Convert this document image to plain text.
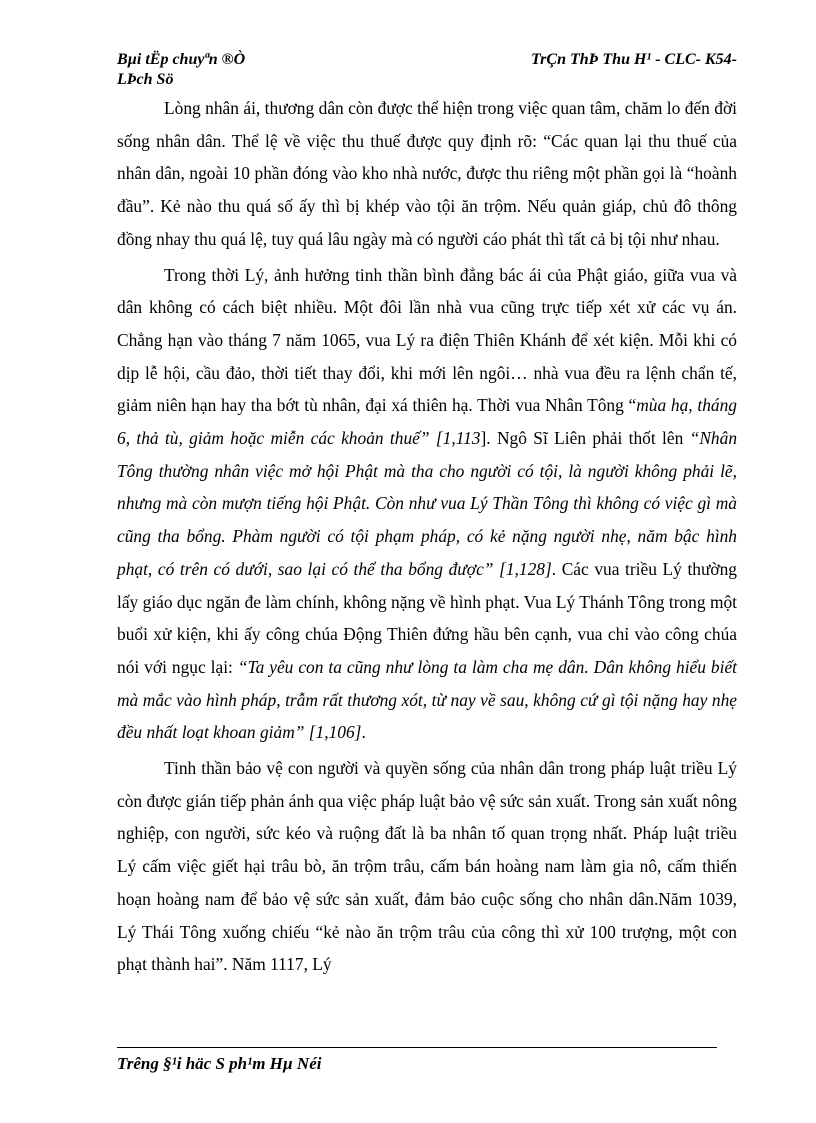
Bµi tËp chuyªn ®Ò
LÞch Sö
TrÇn ThÞ Thu H¹ - CLC- K54-

Lòng nhân ái, thương dân còn được thể hiện trong việc quan tâm, chăm lo đến đời sống nhân dân. Thể lệ về việc thu thuế được quy định rõ: “Các quan lại thu thuế của nhân dân, ngoài 10 phần đóng vào kho nhà nước, được thu riêng một phần gọi là “hoành đầu”. Kẻ nào thu quá số ấy thì bị khép vào tội ăn trộm. Nếu quản giáp, chủ đô thông đồng nhay thu quá lệ, tuy quá lâu ngày mà có người cáo phát thì tất cả bị tội như nhau.

Trong thời Lý, ảnh hưởng tinh thần bình đẳng bác ái của Phật giáo, giữa vua và dân không có cách biệt nhiều. Một đôi lần nhà vua cũng trực tiếp xét xử các vụ án. Chẳng hạn vào tháng 7 năm 1065, vua Lý ra điện Thiên Khánh để xét kiện. Mỗi khi có dịp lễ hội, cầu đảo, thời tiết thay đổi, khi mới lên ngôi… nhà vua đều ra lệnh chẩn tế, giảm niên hạn hay tha bớt tù nhân, đại xá thiên hạ. Thời vua Nhân Tông “mùa hạ, tháng 6, thả tù, giảm hoặc miễn các khoản thuế” [1,113]. Ngô Sĩ Liên phải thốt lên “Nhân Tông thường nhân việc mở hội Phật mà tha cho người có tội, là người không phải lẽ, nhưng mà còn mượn tiếng hội Phật. Còn như vua Lý Thần Tông thì không có việc gì mà cũng tha bổng. Phàm người có tội phạm pháp, có kẻ nặng người nhẹ, năm bậc hình phạt, có trên có dưới, sao lại có thể tha bổng được” [1,128]. Các vua triều Lý thường lấy giáo dục ngăn đe làm chính, không nặng về hình phạt. Vua Lý Thánh Tông trong một buổi xử kiện, khi ấy công chúa Động Thiên đứng hầu bên cạnh, vua chỉ vào công chúa nói với ngục lại: “Ta yêu con ta cũng như lòng ta làm cha mẹ dân. Dân không hiểu biết mà mắc vào hình pháp, trẫm rất thương xót, từ nay về sau, không cứ gì tội nặng hay nhẹ đều nhất loạt khoan giảm” [1,106].

Tinh thần bảo vệ con người và quyền sống của nhân dân trong pháp luật triều Lý còn được gián tiếp phản ánh qua việc pháp luật bảo vệ sức sản xuất. Trong sản xuất nông nghiệp, con người, sức kéo và ruộng đất là ba nhân tố quan trọng nhất. Pháp luật triều Lý cấm việc giết hại trâu bò, ăn trộm trâu, cấm bán hoàng nam làm gia nô, cấm thiến hoạn hoàng nam để bảo vệ sức sản xuất, đảm bảo cuộc sống cho nhân dân.Năm 1039, Lý Thái Tông xuống chiếu “kẻ nào ăn trộm trâu của công thì xử 100 trượng, một con phạt thành hai”. Năm 1117, Lý

Trêng §¹i häc S ph¹m Hµ Néi
